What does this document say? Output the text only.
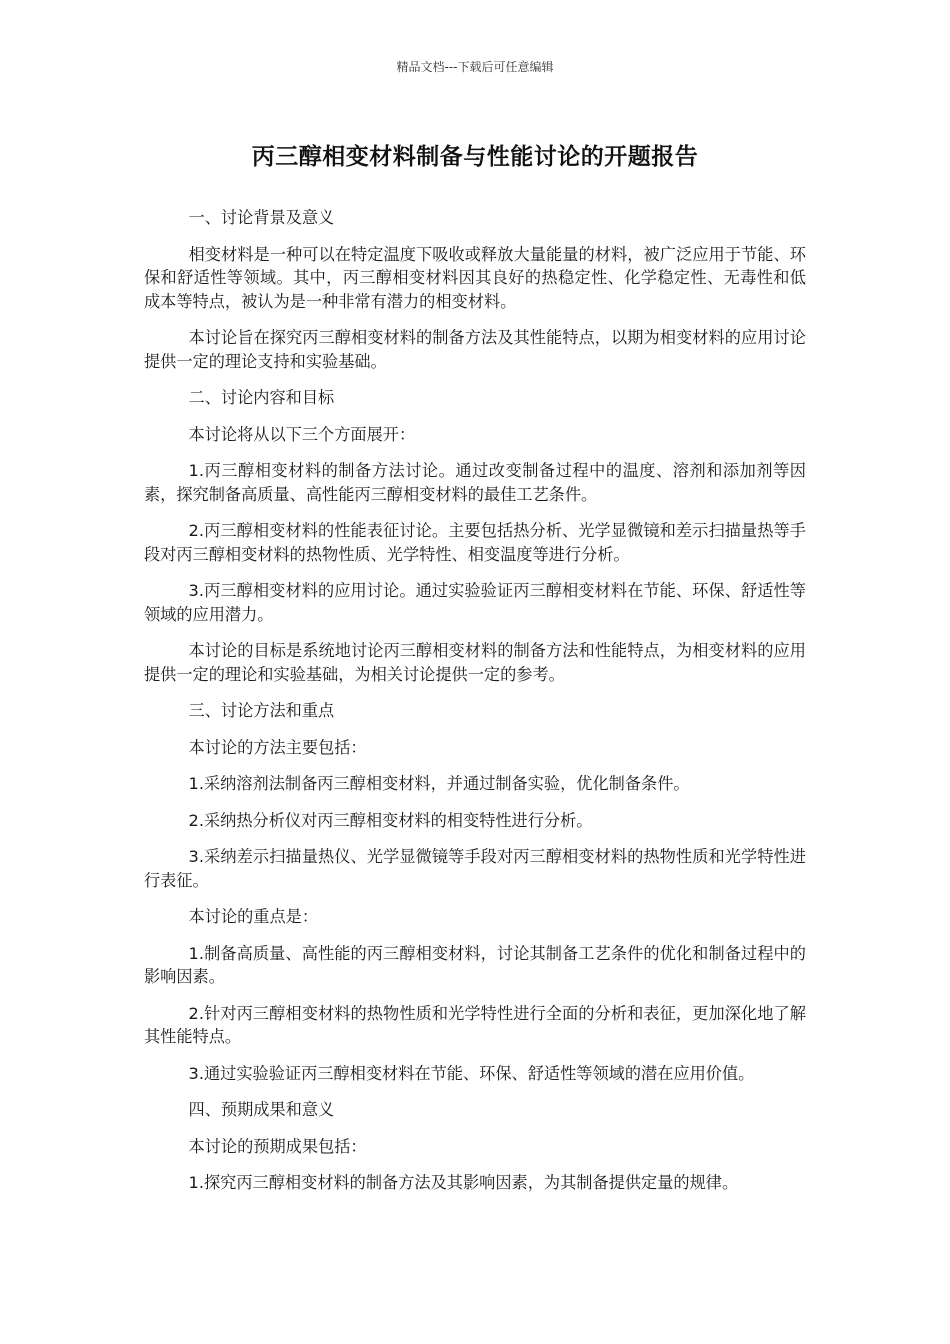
精品文档---下载后可任意编辑
丙三醇相变材料制备与性能讨论的开题报告

一、讨论背景及意义

相变材料是一种可以在特定温度下吸收或释放大量能量的材料，被广泛应用于节能、环保和舒适性等领域。其中，丙三醇相变材料因其良好的热稳定性、化学稳定性、无毒性和低成本等特点，被认为是一种非常有潜力的相变材料。

本讨论旨在探究丙三醇相变材料的制备方法及其性能特点，以期为相变材料的应用讨论提供一定的理论支持和实验基础。

二、讨论内容和目标

本讨论将从以下三个方面展开：

1.丙三醇相变材料的制备方法讨论。通过改变制备过程中的温度、溶剂和添加剂等因素，探究制备高质量、高性能丙三醇相变材料的最佳工艺条件。

2.丙三醇相变材料的性能表征讨论。主要包括热分析、光学显微镜和差示扫描量热等手段对丙三醇相变材料的热物性质、光学特性、相变温度等进行分析。

3.丙三醇相变材料的应用讨论。通过实验验证丙三醇相变材料在节能、环保、舒适性等领域的应用潜力。

本讨论的目标是系统地讨论丙三醇相变材料的制备方法和性能特点，为相变材料的应用提供一定的理论和实验基础，为相关讨论提供一定的参考。

三、讨论方法和重点

本讨论的方法主要包括：

1.采纳溶剂法制备丙三醇相变材料，并通过制备实验，优化制备条件。

2.采纳热分析仪对丙三醇相变材料的相变特性进行分析。

3.采纳差示扫描量热仪、光学显微镜等手段对丙三醇相变材料的热物性质和光学特性进行表征。

本讨论的重点是：

1.制备高质量、高性能的丙三醇相变材料，讨论其制备工艺条件的优化和制备过程中的影响因素。

2.针对丙三醇相变材料的热物性质和光学特性进行全面的分析和表征，更加深化地了解其性能特点。

3.通过实验验证丙三醇相变材料在节能、环保、舒适性等领域的潜在应用价值。

四、预期成果和意义

本讨论的预期成果包括：

1.探究丙三醇相变材料的制备方法及其影响因素，为其制备提供定量的规律。
